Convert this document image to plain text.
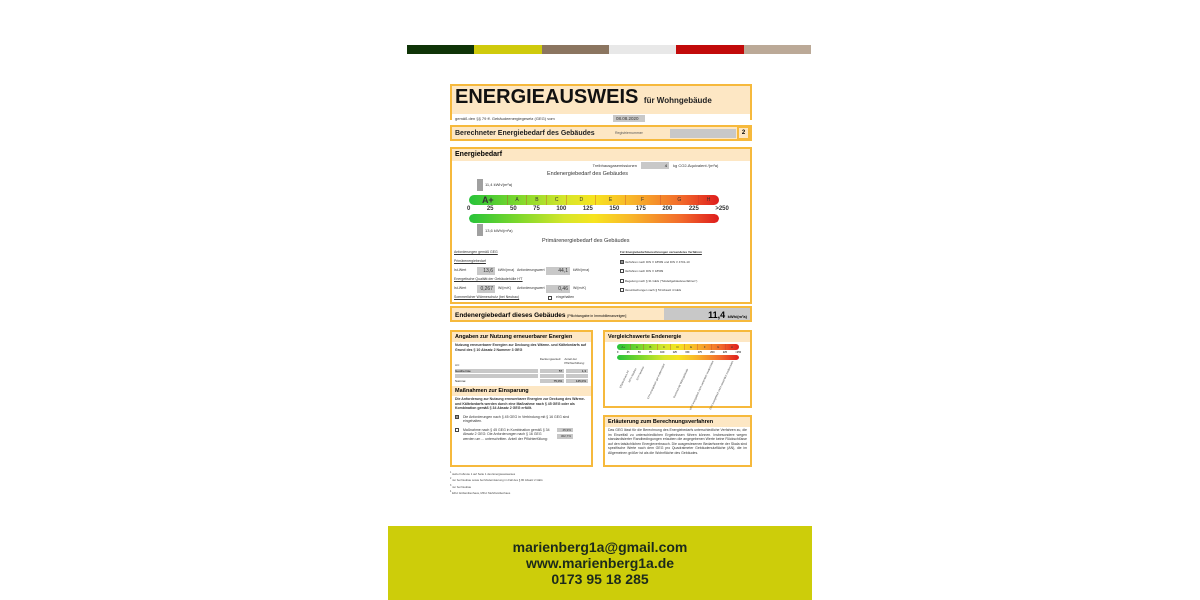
ENERGIEAUSWEIS für Wohngebäude
gemäß den §§ 79 ff. Gebäudeenergiegesetz (GEG) vom	08.08.2020
Berechneter Energiebedarf des Gebäudes	Registriernummer	2
Energiebedarf
Treibhausgasemissionen	4	kg CO2-Äquivalent /(m²a)
Endenergiebedarf des Gebäudes
11,4 kWh/(m²a)
A+	A	B	C	D	E	F	G	H
0	25	50	75	100	125	150	175	200	225	>250
13,6 kWh/(m²a)
Primärenergiebedarf des Gebäudes
Anforderungen gemäß GEG
Primärenergiebedarf
Ist-Wert	13,6	kWh/(m²a) Anforderungswert	44,1	kWh/(m²a)
Energetische Qualität der Gebäudehülle H'T
Ist-Wert	0,267	W/(m²K)	Anforderungswert	0,46	W/(m²K)
Sommerlicher Wärmeschutz (bei Neubau)	eingehalten
Für Energiebedarfsberechnungen verwendetes Verfahren
Verfahren nach DIN V 18599 und DIN V 4701-10
Verfahren nach DIN V 18599
Regelung nach § 31 GEG ("Modellgebäudeverfahren")
Vereinfachungen nach § 50 Absatz 4 GEG
Endenergiebedarf dieses Gebäudes [Pflichtangabe in Immobilienanzeigen]	11,4 kWh/(m²a)
Angaben zur Nutzung erneuerbarer Energien
Nutzung erneuerbarer Energien zur Deckung des Wärme- und Kältebedarfs auf Grund des § 10 Absatz 2 Nummer 3 GEG
Art:
Deckungsanteil:	Anteil der Pflichterfüllung:
Geothermie	57	1,3
Summe:	75,0%	145,0%
Maßnahmen zur Einsparung
Die Anforderung zur Nutzung erneuerbarer Energien zur Deckung des Wärme- und Kältebedarfs werden durch eine Maßnahme nach § 45 GEG oder als Kombination gemäß § 34 Absatz 2 GEG erfüllt.
Die Anforderungen nach § 45 GEG in Verbindung mit § 16 GEG sind eingehalten.
Maßnahme nach § 45 GEG in Kombination gemäß § 34 Absatz 2 GEG: Die Anforderungen nach § 16 GEG werden um ... unterschritten. Anteil der Pflichterfüllung:
45,9%
302,7%
Vergleichswerte Endenergie
A+	A	B	C	D	E	F	G	H
0	25	50	75	100	125	150	175	200	225	>250
Effizienzhaus 40
MFH Neubau
EFH Neubau EFH energetisch gut modernisiert	Durchschnitt Wohngebäude MFH energetisch nicht wesentlich modernisiert
EFH energetisch nicht wesentlich modernisiert
Erläuterung zum Berechnungsverfahren
Das GEG lässt für die Berechnung des Energiebedarfs unterschiedliche Verfahren zu, die im Einzelfall zu unterschiedlichen Ergebnissen führen können. Insbesondere wegen standardisierter Randbedingungen erlauben die angegebenen Werte keine Rückschlüsse auf den tatsächlichen Energieverbrauch. Die ausgewiesenen Bedarfswerte der Skala sind spezifische Werte nach dem GEG pro Quadratmeter Gebäudenutzfläche (AN), die im Allgemeinen größer ist als die Wohnfläche des Gebäudes.
$^1$ siehe Fußnote 1 auf Seite 1 des Energieausweises
$^2$ nur bei Neubau sowie bei Modernisierung im Fall des § 80 Absatz 2 GEG
$^3$ nur bei Neubau
$^4$ EFH: Einfamilienhaus, MFH: Mehrfamilienhaus
marienberg1a@gmail.com
www.marienberg1a.de
0173 95 18 285
